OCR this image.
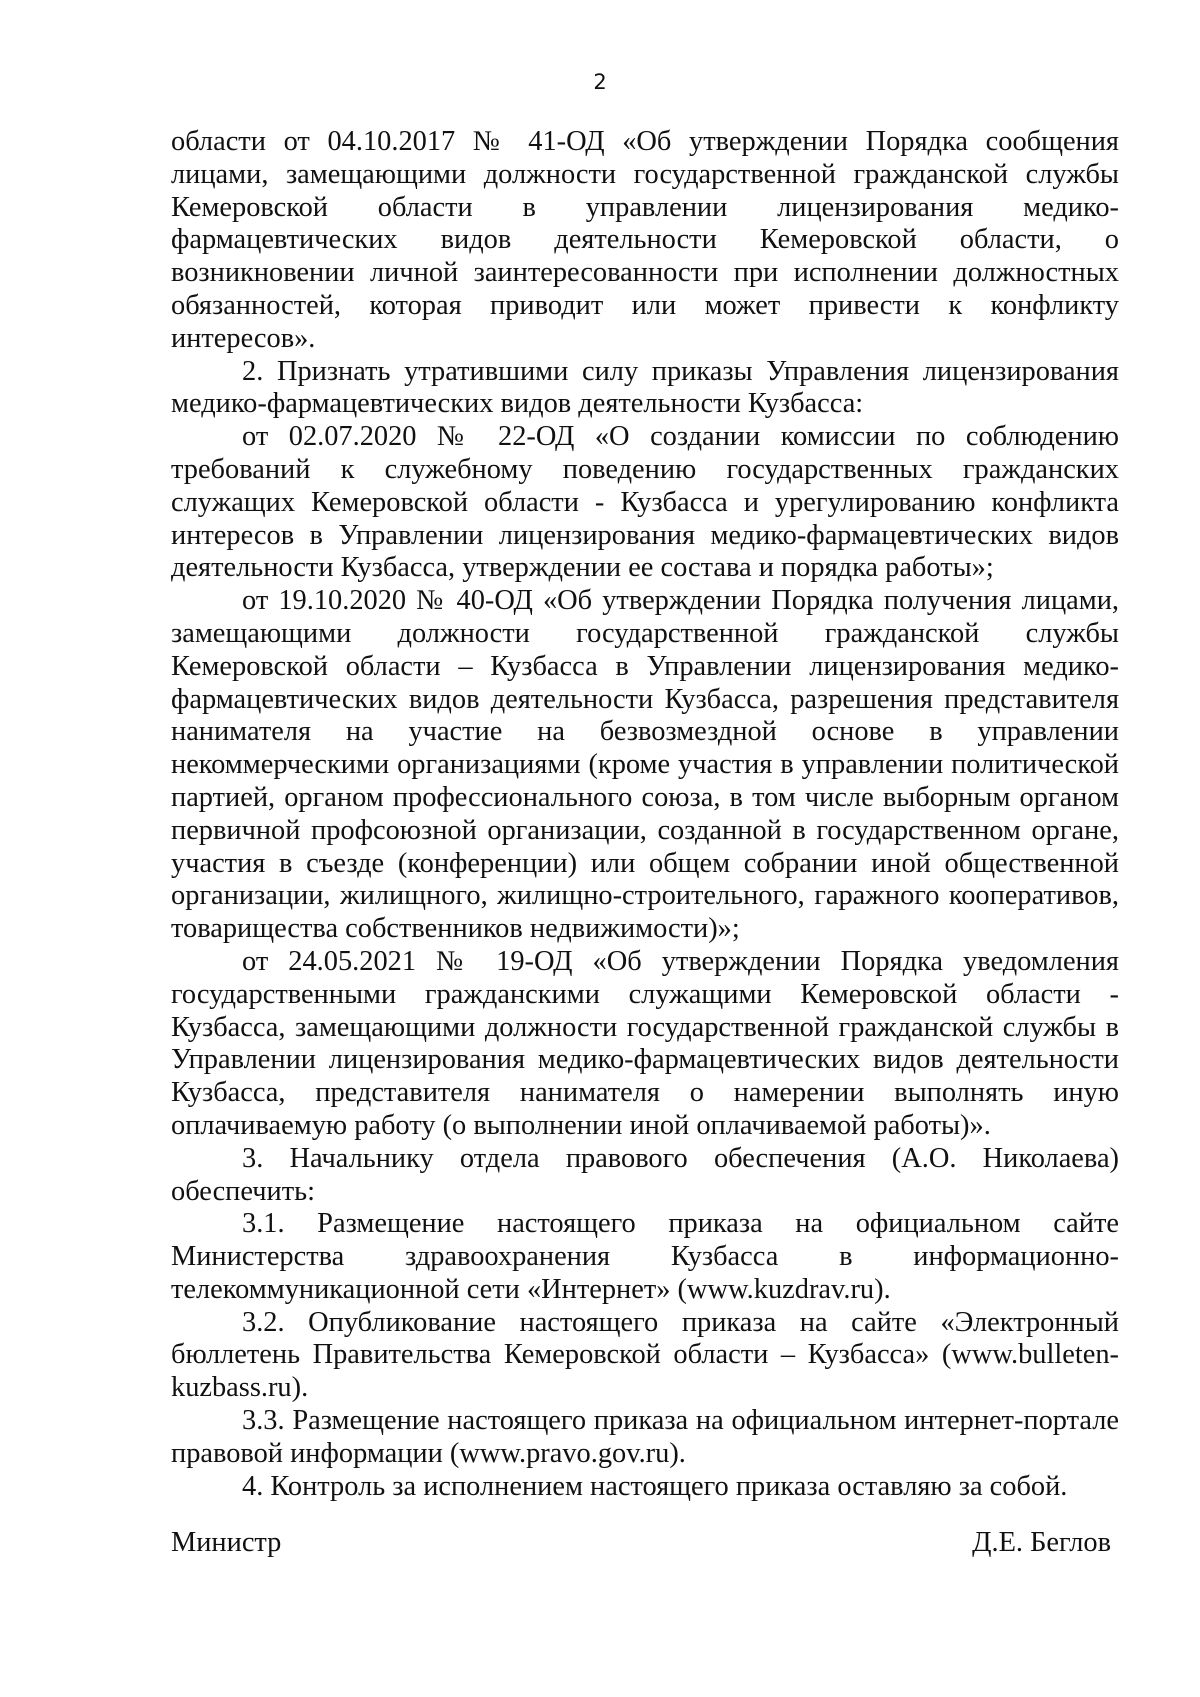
2

области от 04.10.2017 № 41-ОД «Об утверждении Порядка сообщения лицами, замещающими должности государственной гражданской службы Кемеровской области в управлении лицензирования медико-фармацевтических видов деятельности Кемеровской области, о возникновении личной заинтересованности при исполнении должностных обязанностей, которая приводит или может привести к конфликту интересов».

2. Признать утратившими силу приказы Управления лицензирования медико-фармацевтических видов деятельности Кузбасса:

от 02.07.2020 № 22-ОД «О создании комиссии по соблюдению требований к служебному поведению государственных гражданских служащих Кемеровской области - Кузбасса и урегулированию конфликта интересов в Управлении лицензирования медико-фармацевтических видов деятельности Кузбасса, утверждении ее состава и порядка работы»;

от 19.10.2020 № 40-ОД «Об утверждении Порядка получения лицами, замещающими должности государственной гражданской службы Кемеровской области – Кузбасса в Управлении лицензирования медико-фармацевтических видов деятельности Кузбасса, разрешения представителя нанимателя на участие на безвозмездной основе в управлении некоммерческими организациями (кроме участия в управлении политической партией, органом профессионального союза, в том числе выборным органом первичной профсоюзной организации, созданной в государственном органе, участия в съезде (конференции) или общем собрании иной общественной организации, жилищного, жилищно-строительного, гаражного кооперативов, товарищества собственников недвижимости)»;

от 24.05.2021 № 19-ОД «Об утверждении Порядка уведомления государственными гражданскими служащими Кемеровской области - Кузбасса, замещающими должности государственной гражданской службы в Управлении лицензирования медико-фармацевтических видов деятельности Кузбасса, представителя нанимателя о намерении выполнять иную оплачиваемую работу (о выполнении иной оплачиваемой работы)».

3. Начальнику отдела правового обеспечения (А.О. Николаева) обеспечить:

3.1. Размещение настоящего приказа на официальном сайте Министерства здравоохранения Кузбасса в информационно-телекоммуникационной сети «Интернет» (www.kuzdrav.ru).

3.2. Опубликование настоящего приказа на сайте «Электронный бюллетень Правительства Кемеровской области – Кузбасса» (www.bulleten-kuzbass.ru).

3.3. Размещение настоящего приказа на официальном интернет-портале правовой информации (www.pravo.gov.ru).

4. Контроль за исполнением настоящего приказа оставляю за собой.

Министр	Д.Е. Беглов
